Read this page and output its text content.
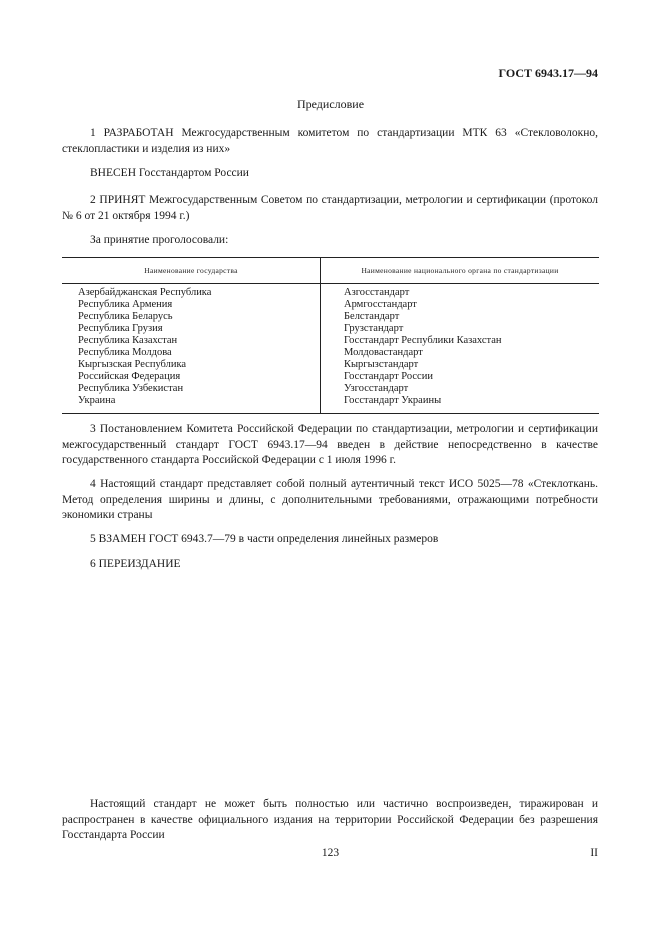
ГОСТ 6943.17—94
Предисловие
1 РАЗРАБОТАН Межгосударственным комитетом по стандартизации МТК 63 «Стекловолокно, стеклопластики и изделия из них»
ВНЕСЕН Госстандартом России
2 ПРИНЯТ Межгосударственным Советом по стандартизации, метрологии и сертификации (протокол № 6 от 21 октября 1994 г.)
За принятие проголосовали:
Наименование государства	Наименование национального органа по стандартизации

Азербайджанская Республика	Азгосстандарт
Республика Армения	Армгосстандарт
Республика Беларусь	Белстандарт
Республика Грузия	Грузстандарт
Республика Казахстан	Госстандарт Республики Казахстан
Республика Молдова	Молдовастандарт
Кыргызская Республика	Кыргызстандарт
Российская Федерация	Госстандарт России
Республика Узбекистан	Узгосстандарт
Украина	Госстандарт Украины

3 Постановлением Комитета Российской Федерации по стандартизации, метрологии и сертификации межгосударственный стандарт ГОСТ 6943.17—94 введен в действие непосредственно в качестве государственного стандарта Российской Федерации с 1 июля 1996 г.
4 Настоящий стандарт представляет собой полный аутентичный текст ИСО 5025—78 «Стеклоткань. Метод определения ширины и длины, с дополнительными требованиями, отражающими потребности экономики страны
5 ВЗАМЕН ГОСТ 6943.7—79 в части определения линейных размеров
6 ПЕРЕИЗДАНИЕ
Настоящий стандарт не может быть полностью или частично воспроизведен, тиражирован и распространен в качестве официального издания на территории Российской Федерации без разрешения Госстандарта России
123	II
